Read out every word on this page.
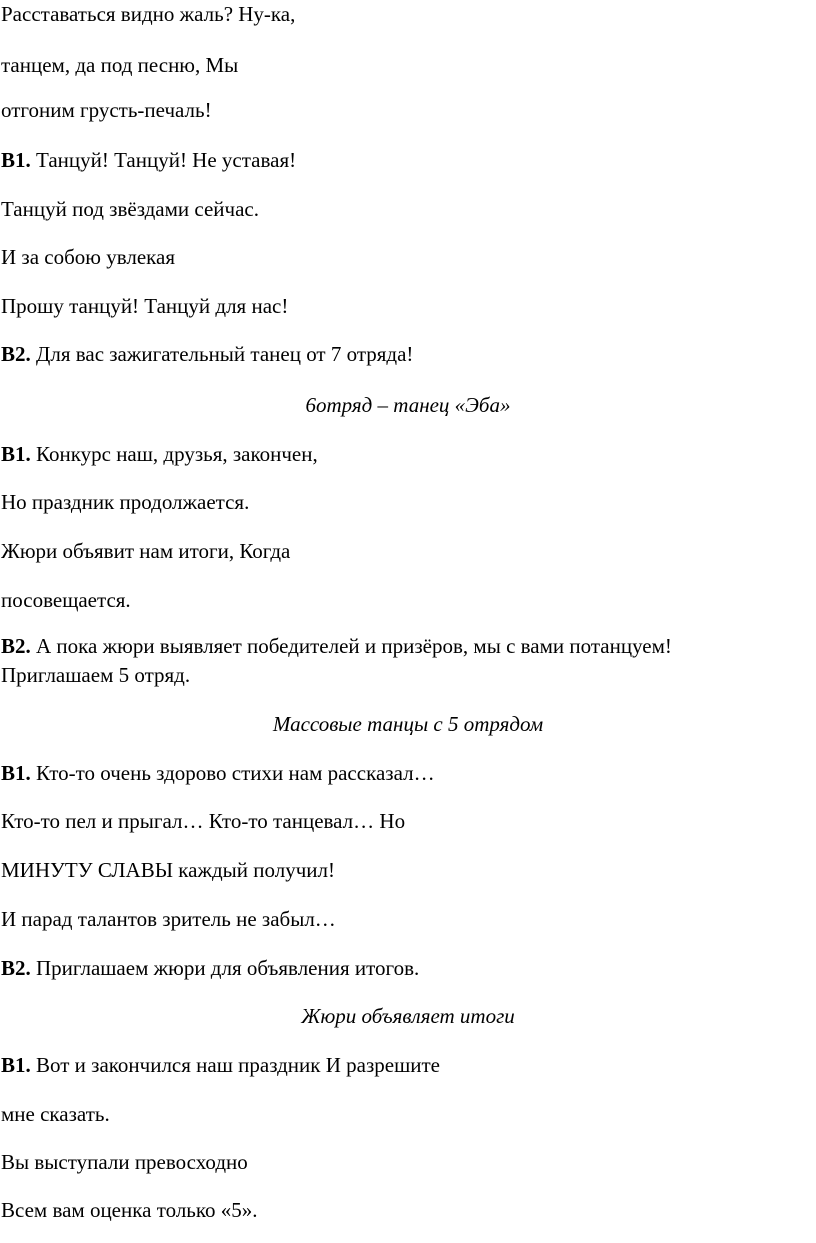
Расставаться видно жаль? Ну-ка,

танцем, да под песню, Мы

отгоним грусть-печаль!

В1. Танцуй! Танцуй! Не уставая!

Танцуй под звёздами сейчас.

И за собою увлекая

Прошу танцуй! Танцуй для нас!

В2. Для вас зажигательный танец от 7 отряда!

6отряд – танец «Эба»

В1. Конкурс наш, друзья, закончен,

Но праздник продолжается.

Жюри объявит нам итоги, Когда

посовещается.

В2. А пока жюри выявляет победителей и призёров, мы с вами потанцуем!

Приглашаем 5 отряд.

Массовые танцы с 5 отрядом

В1. Кто-то очень здорово стихи нам рассказал…

Кто-то пел и прыгал… Кто-то танцевал… Но

МИНУТУ СЛАВЫ каждый получил!

И парад талантов зритель не забыл…

В2. Приглашаем жюри для объявления итогов.

Жюри объявляет итоги

В1. Вот и закончился наш праздник И разрешите

мне сказать.

Вы выступали превосходно

Всем вам оценка только «5».
